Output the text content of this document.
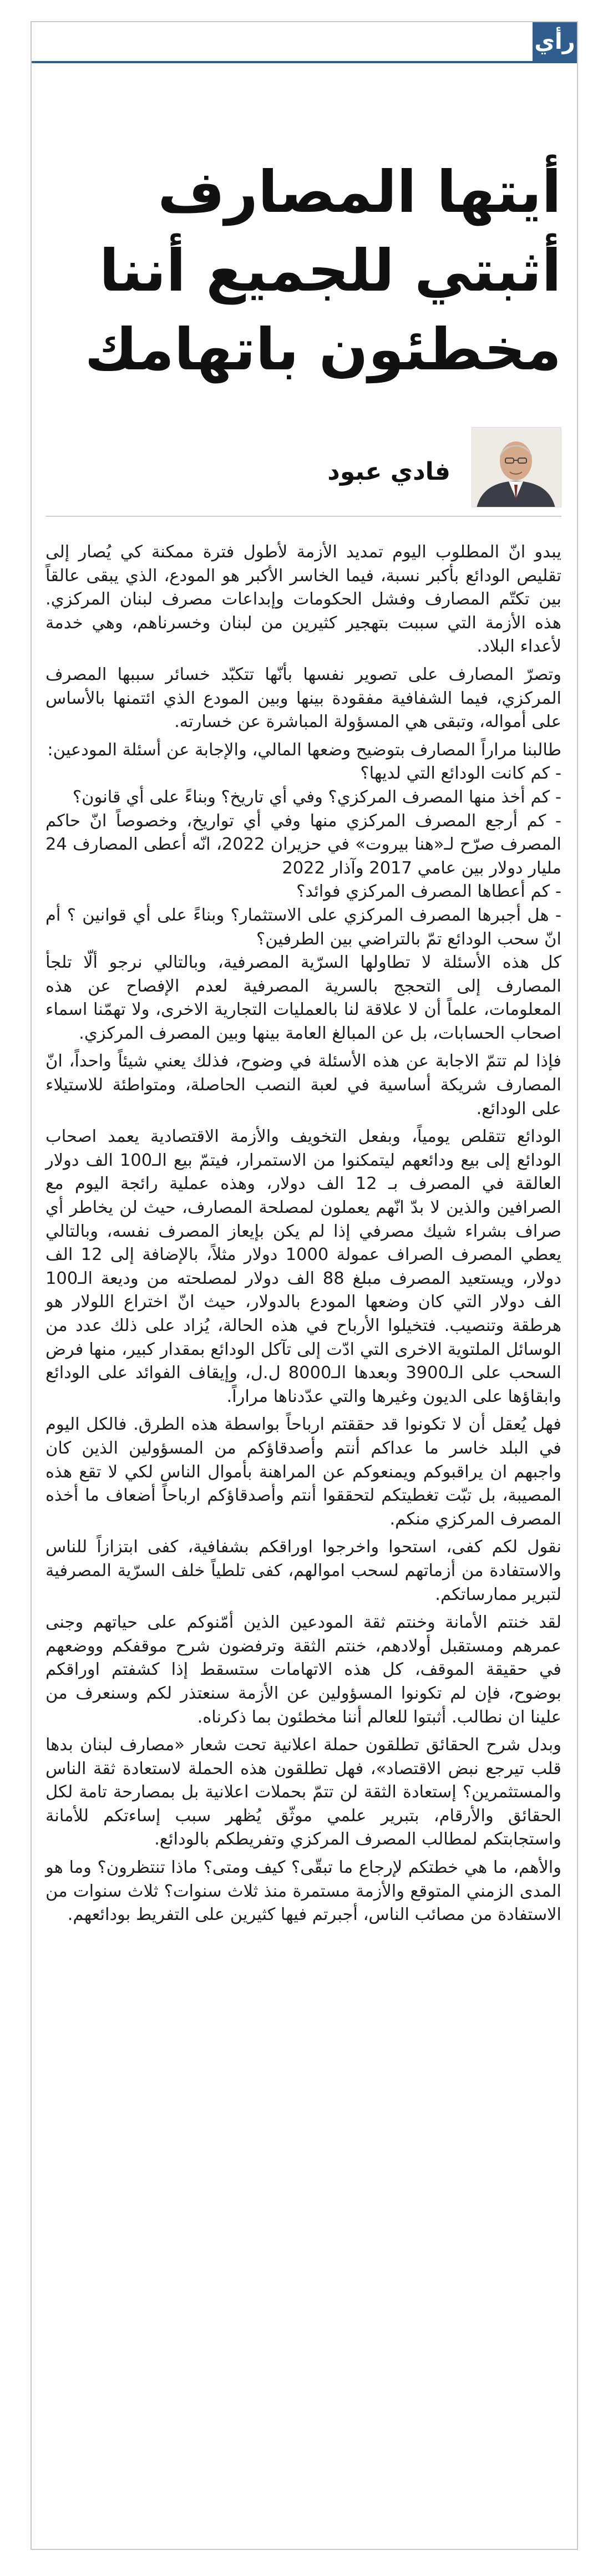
رأي
أيتها المصارف أثبتي للجميع أننا مخطئون باتهامك
فادي عبود

يبدو انّ المطلوب اليوم تمديد الأزمة لأطول فترة ممكنة كي يُصار إلى تقليص الودائع بأكبر نسبة، فيما الخاسر الأكبر هو المودع، الذي يبقى عالقاً بين تكتّم المصارف وفشل الحكومات وإبداعات مصرف لبنان المركزي. هذه الأزمة التي سببت بتهجير كثيرين من لبنان وخسرناهم، وهي خدمة لأعداء البلاد.

وتصرّ المصارف على تصوير نفسها بأنّها تتكبّد خسائر سببها المصرف المركزي، فيما الشفافية مفقودة بينها وبين المودع الذي ائتمنها بالأساس على أمواله، وتبقى هي المسؤولة المباشرة عن خسارته.

طالبنا مراراً المصارف بتوضيح وضعها المالي، والإجابة عن أسئلة المودعين:

- كم كانت الودائع التي لديها؟

- كم أخذ منها المصرف المركزي؟ وفي أي تاريخ؟ وبناءً على أي قانون؟

- كم أرجع المصرف المركزي منها وفي أي تواريخ، وخصوصاً انّ حاكم المصرف صرّح لـ«هنا بيروت» في حزيران 2022، انّه أعطى المصارف 24 مليار دولار بين عامي 2017 وآذار 2022

- كم أعطاها المصرف المركزي فوائد؟

- هل أجبرها المصرف المركزي على الاستثمار؟ وبناءً على أي قوانين ؟ أم انّ سحب الودائع تمّ بالتراضي بين الطرفين؟

كل هذه الأسئلة لا تطاولها السرّية المصرفية، وبالتالي نرجو ألّا تلجأ المصارف إلى التحجج بالسرية المصرفية لعدم الإفصاح عن هذه المعلومات، علماً أن لا علاقة لنا بالعمليات التجارية الاخرى، ولا تهمّنا اسماء اصحاب الحسابات، بل عن المبالغ العامة بينها وبين المصرف المركزي.

فإذا لم تتمّ الاجابة عن هذه الأسئلة في وضوح، فذلك يعني شيئاً واحداً، انّ المصارف شريكة أساسية في لعبة النصب الحاصلة، ومتواطئة للاستيلاء على الودائع.

الودائع تتقلص يومياً، وبفعل التخويف والأزمة الاقتصادية يعمد اصحاب الودائع إلى بيع ودائعهم ليتمكنوا من الاستمرار، فيتمّ بيع الـ100 الف دولار العالقة في المصرف بـ 12 الف دولار، وهذه عملية رائجة اليوم مع الصرافين والذين لا بدّ انّهم يعملون لمصلحة المصارف، حيث لن يخاطر أي صراف بشراء شيك مصرفي إذا لم يكن بإيعاز المصرف نفسه، وبالتالي يعطي المصرف الصراف عمولة 1000 دولار مثلاً، بالإضافة إلى 12 الف دولار، ويستعيد المصرف مبلغ 88 الف دولار لمصلحته من وديعة الـ100 الف دولار التي كان وضعها المودع بالدولار، حيث انّ اختراع اللولار هو هرطقة وتنصيب. فتخيلوا الأرباح في هذه الحالة، يُزاد على ذلك عدد من الوسائل الملتوية الاخرى التي ادّت إلى تآكل الودائع بمقدار كبير، منها فرض السحب على الـ3900 وبعدها الـ8000 ل.ل، وإيقاف الفوائد على الودائع وابقاؤها على الديون وغيرها والتي عدّدناها مراراً.

فهل يُعقل أن لا تكونوا قد حققتم ارباحاً بواسطة هذه الطرق. فالكل اليوم في البلد خاسر ما عداكم أنتم وأصدقاؤكم من المسؤولين الذين كان واجبهم ان يراقبوكم ويمنعوكم عن المراهنة بأموال الناس لكي لا تقع هذه المصيبة، بل تبّت تغطيتكم لتحققوا أنتم وأصدقاؤكم ارباحاً أضعاف ما أخذه المصرف المركزي منكم.

نقول لكم كفى، استحوا واخرجوا اوراقكم بشفافية، كفى ابتزازاً للناس والاستفادة من أزماتهم لسحب اموالهم، كفى تلطياً خلف السرّية المصرفية لتبرير ممارساتكم.

لقد خنتم الأمانة وخنتم ثقة المودعين الذين أمّنوكم على حياتهم وجنى عمرهم ومستقبل أولادهم، خنتم الثقة وترفضون شرح موقفكم ووضعهم في حقيقة الموقف، كل هذه الاتهامات ستسقط إذا كشفتم اوراقكم بوضوح، فإن لم تكونوا المسؤولين عن الأزمة سنعتذر لكم وسنعرف من علينا ان نطالب. أثبتوا للعالم أننا مخطئون بما ذكرناه.

وبدل شرح الحقائق تطلقون حملة اعلانية تحت شعار «مصارف لبنان بدها قلب تيرجع نبض الاقتصاد»، فهل تطلقون هذه الحملة لاستعادة ثقة الناس والمستثمرين؟ إستعادة الثقة لن تتمّ بحملات اعلانية بل بمصارحة تامة لكل الحقائق والأرقام، بتبرير علمي موثّق يُظهر سبب إساءتكم للأمانة واستجابتكم لمطالب المصرف المركزي وتفريطكم بالودائع.

والأهم، ما هي خطتكم لإرجاع ما تبقّى؟ كيف ومتى؟ ماذا تنتظرون؟ وما هو المدى الزمني المتوقع والأزمة مستمرة منذ ثلاث سنوات؟ ثلاث سنوات من الاستفادة من مصائب الناس، أجبرتم فيها كثيرين على التفريط بودائعهم.
